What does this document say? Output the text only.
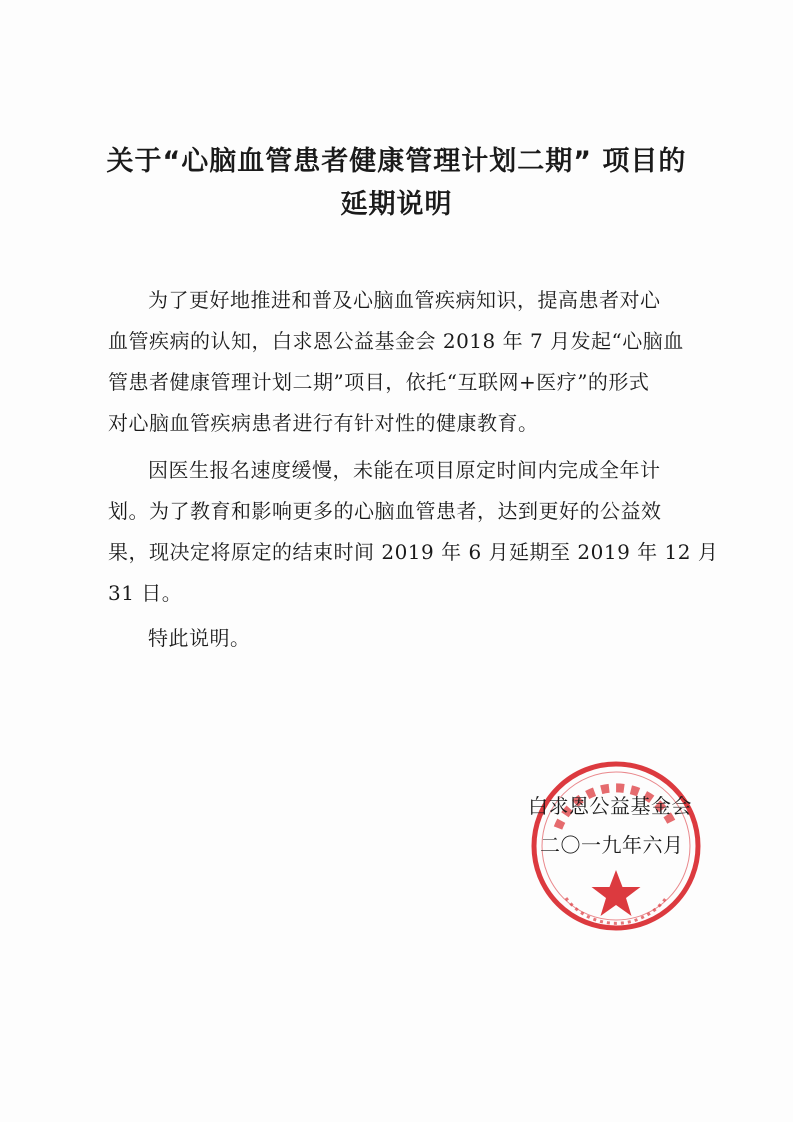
关于“心脑血管患者健康管理计划二期” 项目的
延期说明

为了更好地推进和普及心脑血管疾病知识，提高患者对心

血管疾病的认知，白求恩公益基金会 2018 年 7 月发起“心脑血

管患者健康管理计划二期”项目，依托“互联网+医疗”的形式

对心脑血管疾病患者进行有针对性的健康教育。

因医生报名速度缓慢，未能在项目原定时间内完成全年计

划。为了教育和影响更多的心脑血管患者，达到更好的公益效

果，现决定将原定的结束时间 2019 年 6 月延期至 2019 年 12 月

31 日。

特此说明。

白求恩公益基金会

二〇一九年六月
